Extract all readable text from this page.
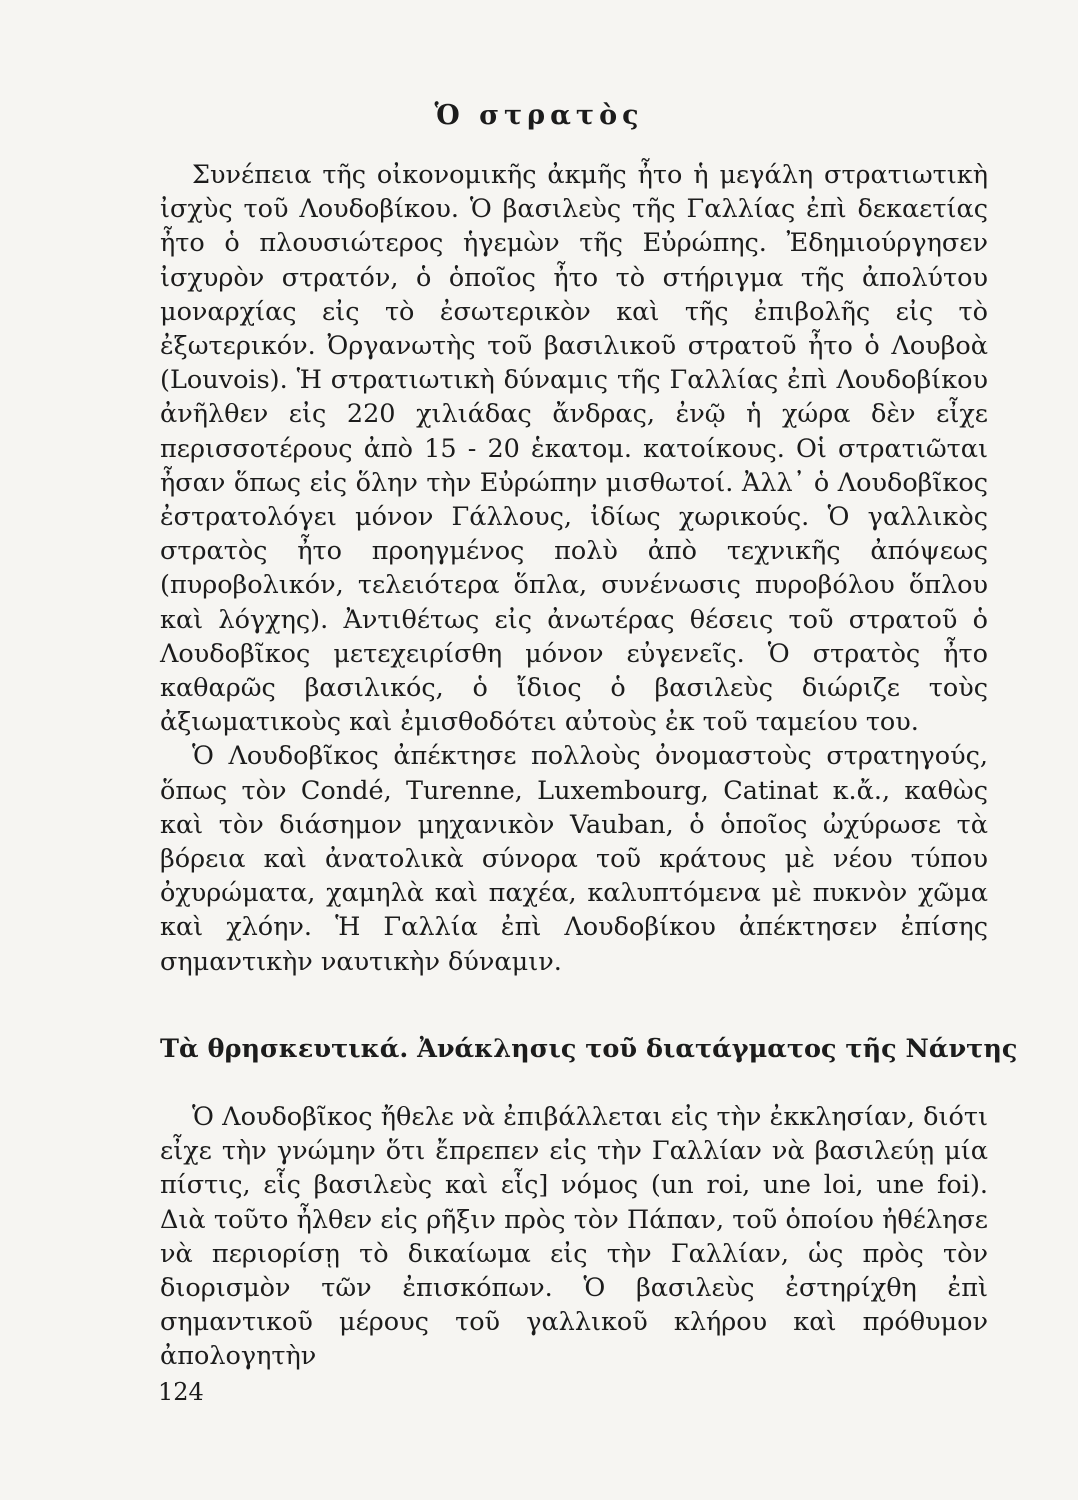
Ὁ στρατὸς

Συνέπεια τῆς οἰκονομικῆς ἀκμῆς ἦτο ἡ μεγάλη στρατιωτικὴ ἰσχὺς τοῦ Λουδοβίκου. Ὁ βασιλεὺς τῆς Γαλλίας ἐπὶ δεκαετίας ἦτο ὁ πλουσιώτερος ἡγεμὼν τῆς Εὐρώπης. Ἐδημιούργησεν ἰσχυρὸν στρατόν, ὁ ὁποῖος ἦτο τὸ στήριγμα τῆς ἀπολύτου μοναρχίας εἰς τὸ ἐσωτερικὸν καὶ τῆς ἐπιβολῆς εἰς τὸ ἐξωτερικόν. Ὀργανωτὴς τοῦ βασιλικοῦ στρατοῦ ἦτο ὁ Λουβοὰ (Louvois). Ἡ στρατιωτικὴ δύναμις τῆς Γαλλίας ἐπὶ Λουδοβίκου ἀνῆλθεν εἰς 220 χιλιάδας ἄνδρας, ἐνῷ ἡ χώρα δὲν εἶχε περισσοτέρους ἀπὸ 15 - 20 ἑκατομ. κατοίκους. Οἱ στρατιῶται ἦσαν ὅπως εἰς ὅλην τὴν Εὐρώπην μισθωτοί. Ἀλλ᾽ ὁ Λουδοβῖκος ἐστρατολόγει μόνον Γάλλους, ἰδίως χωρικούς. Ὁ γαλλικὸς στρατὸς ἦτο προηγμένος πολὺ ἀπὸ τεχνικῆς ἀπόψεως (πυροβολικόν, τελειότερα ὅπλα, συνένωσις πυροβόλου ὅπλου καὶ λόγχης). Ἀντιθέτως εἰς ἀνωτέρας θέσεις τοῦ στρατοῦ ὁ Λουδοβῖκος μετεχειρίσθη μόνον εὐγενεῖς. Ὁ στρατὸς ἦτο καθαρῶς βασιλικός, ὁ ἴδιος ὁ βασιλεὺς διώριζε τοὺς ἀξιωματικοὺς καὶ ἐμισθοδότει αὐτοὺς ἐκ τοῦ ταμείου του.

Ὁ Λουδοβῖκος ἀπέκτησε πολλοὺς ὀνομαστοὺς στρατηγούς, ὅπως τὸν Condé, Turenne, Luxembourg, Catinat κ.ἄ., καθὼς καὶ τὸν διάσημον μηχανικὸν Vauban, ὁ ὁποῖος ὠχύρωσε τὰ βόρεια καὶ ἀνατολικὰ σύνορα τοῦ κράτους μὲ νέου τύπου ὀχυρώματα, χαμηλὰ καὶ παχέα, καλυπτόμενα μὲ πυκνὸν χῶμα καὶ χλόην. Ἡ Γαλλία ἐπὶ Λουδοβίκου ἀπέκτησεν ἐπίσης σημαντικὴν ναυτικὴν δύναμιν.

Τὰ θρησκευτικά. Ἀνάκλησις τοῦ διατάγματος τῆς Νάντης

Ὁ Λουδοβῖκος ἤθελε νὰ ἐπιβάλλεται εἰς τὴν ἐκκλησίαν, διότι εἶχε τὴν γνώμην ὅτι ἔπρεπεν εἰς τὴν Γαλλίαν νὰ βασιλεύῃ μία πίστις, εἷς βασιλεὺς καὶ εἷς] νόμος (un roi, une loi, une foi). Διὰ τοῦτο ἦλθεν εἰς ρῆξιν πρὸς τὸν Πάπαν, τοῦ ὁποίου ἠθέλησε νὰ περιορίσῃ τὸ δικαίωμα εἰς τὴν Γαλλίαν, ὡς πρὸς τὸν διορισμὸν τῶν ἐπισκόπων. Ὁ βασιλεὺς ἐστηρίχθη ἐπὶ σημαντικοῦ μέρους τοῦ γαλλικοῦ κλήρου καὶ πρόθυμον ἀπολογητὴν

124
